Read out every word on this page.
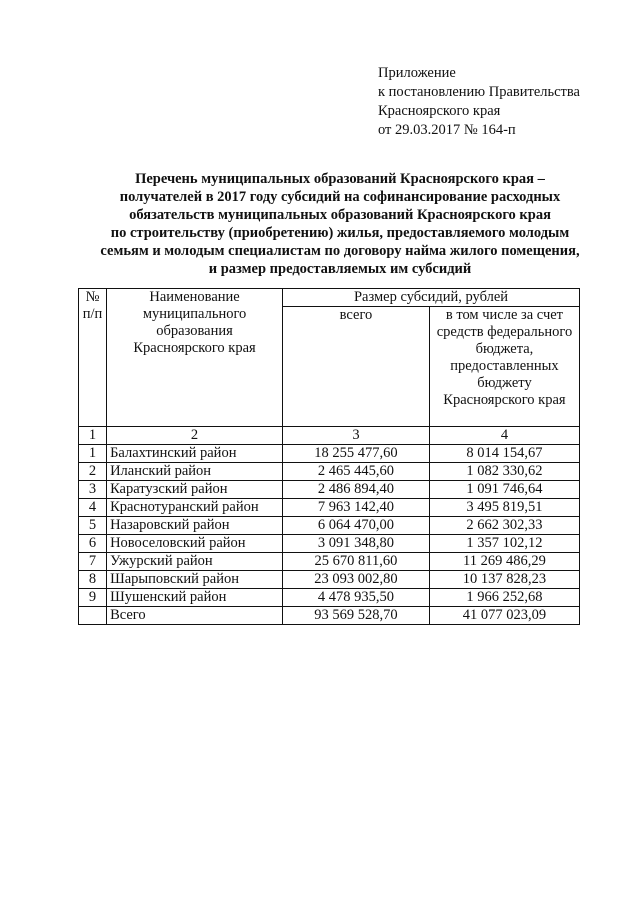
Приложение
к постановлению Правительства
Красноярского края
от 29.03.2017 № 164-п
Перечень муниципальных образований Красноярского края –
получателей в 2017 году субсидий на софинансирование расходных
обязательств муниципальных образований Красноярского края
по строительству (приобретению) жилья, предоставляемого молодым
семьям и молодым специалистам по договору найма жилого помещения,
и размер предоставляемых им субсидий
№ п/п	Наименование муниципального образования Красноярского края	Размер субсидий, рублей	
		всего	в том числе за счет средств федерального бюджета, предоставленных бюджету Красноярского края
1	2	3	4
1	Балахтинский район	18 255 477,60	8 014 154,67
2	Иланский район	2 465 445,60	1 082 330,62
3	Каратузский район	2 486 894,40	1 091 746,64
4	Краснотуранский район	7 963 142,40	3 495 819,51
5	Назаровский район	6 064 470,00	2 662 302,33
6	Новоселовский район	3 091 348,80	1 357 102,12
7	Ужурский район	25 670 811,60	11 269 486,29
8	Шарыповский район	23 093 002,80	10 137 828,23
9	Шушенский район	4 478 935,50	1 966 252,68
	Всего	93 569 528,70	41 077 023,09
